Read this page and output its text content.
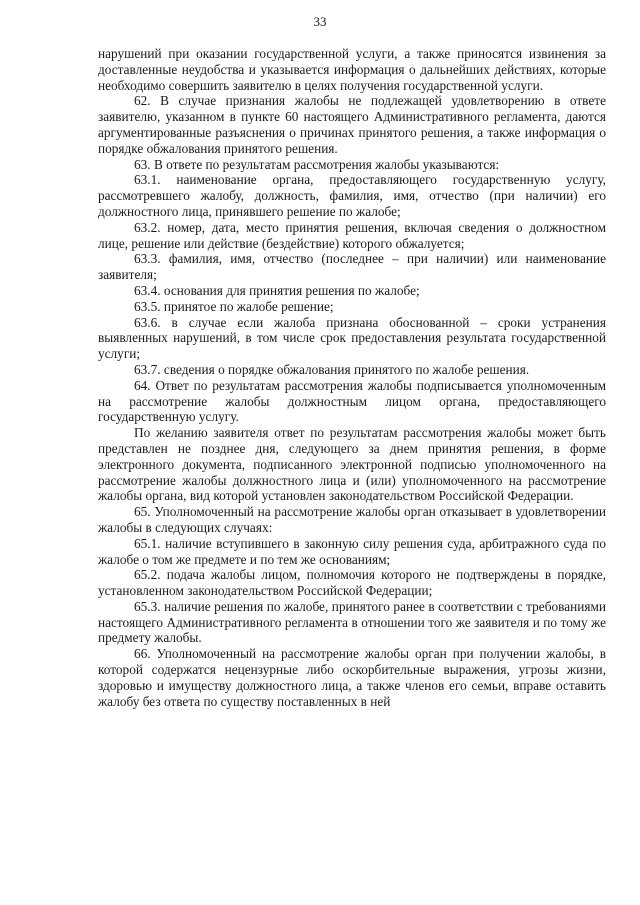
33

нарушений при оказании государственной услуги, а также приносятся извинения за доставленные неудобства и указывается информация о дальнейших действиях, которые необходимо совершить заявителю в целях получения государственной услуги.

62. В случае признания жалобы не подлежащей удовлетворению в ответе заявителю, указанном в пункте 60 настоящего Административного регламента, даются аргументированные разъяснения о причинах принятого решения, а также информация о порядке обжалования принятого решения.

63. В ответе по результатам рассмотрения жалобы указываются:

63.1. наименование органа, предоставляющего государственную услугу, рассмотревшего жалобу, должность, фамилия, имя, отчество (при наличии) его должностного лица, принявшего решение по жалобе;

63.2. номер, дата, место принятия решения, включая сведения о должностном лице, решение или действие (бездействие) которого обжалуется;

63.3. фамилия, имя, отчество (последнее – при наличии) или наименование заявителя;

63.4. основания для принятия решения по жалобе;

63.5. принятое по жалобе решение;

63.6. в случае если жалоба признана обоснованной – сроки устранения выявленных нарушений, в том числе срок предоставления результата государственной услуги;

63.7. сведения о порядке обжалования принятого по жалобе решения.

64. Ответ по результатам рассмотрения жалобы подписывается уполномоченным на рассмотрение жалобы должностным лицом органа, предоставляющего государственную услугу.

По желанию заявителя ответ по результатам рассмотрения жалобы может быть представлен не позднее дня, следующего за днем принятия решения, в форме электронного документа, подписанного электронной подписью уполномоченного на рассмотрение жалобы должностного лица и (или) уполномоченного на рассмотрение жалобы органа, вид которой установлен законодательством Российской Федерации.

65. Уполномоченный на рассмотрение жалобы орган отказывает в удовлетворении жалобы в следующих случаях:

65.1. наличие вступившего в законную силу решения суда, арбитражного суда по жалобе о том же предмете и по тем же основаниям;

65.2. подача жалобы лицом, полномочия которого не подтверждены в порядке, установленном законодательством Российской Федерации;

65.3. наличие решения по жалобе, принятого ранее в соответствии с требованиями настоящего Административного регламента в отношении того же заявителя и по тому же предмету жалобы.

66. Уполномоченный на рассмотрение жалобы орган при получении жалобы, в которой содержатся нецензурные либо оскорбительные выражения, угрозы жизни, здоровью и имуществу должностного лица, а также членов его семьи, вправе оставить жалобу без ответа по существу поставленных в ней
